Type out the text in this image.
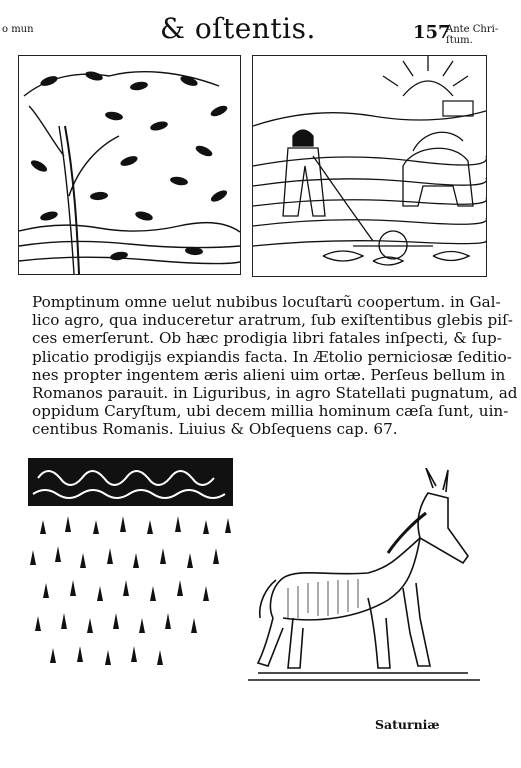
o mun	& oſtentis.	157
Ante Chri-
ſtum.
Pomptinum omne uelut nubibus locuſtarũ coopertum. in Gal-
lico agro, qua induceretur aratrum, ſub exiſtentibus glebis piſ-
ces emerſerunt. Ob hæc prodigia libri fatales inſpecti, & ſup-
plicatio prodigijs expiandis facta. In Ætolio perniciosæ ſeditio-
nes propter ingentem æris alieni uim ortæ. Perſeus bellum in
Romanos parauit. in Liguribus, in agro Statellati pugnatum, ad
oppidum Caryſtum, ubi decem millia hominum cæſa ſunt, uin-
centibus Romanis. Liuius & Obſequens cap. 67.
Saturniæ
